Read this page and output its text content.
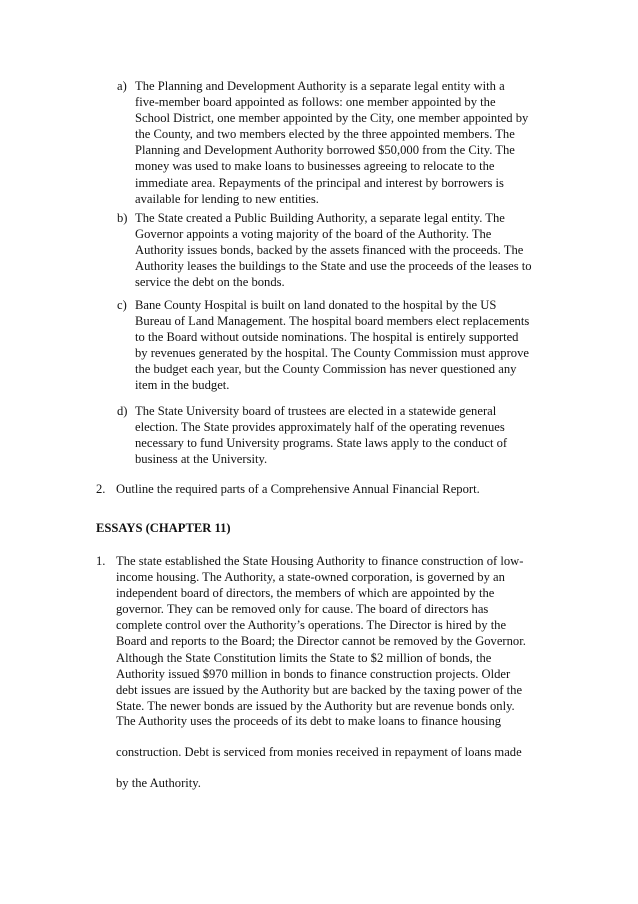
a) The Planning and Development Authority is a separate legal entity with a
five-member board appointed as follows: one member appointed by the
School District, one member appointed by the City, one member appointed by
the County, and two members elected by the three appointed members. The
Planning and Development Authority borrowed $50,000 from the City. The
money was used to make loans to businesses agreeing to relocate to the
immediate area. Repayments of the principal and interest by borrowers is
available for lending to new entities.
b) The State created a Public Building Authority, a separate legal entity. The
Governor appoints a voting majority of the board of the Authority. The
Authority issues bonds, backed by the assets financed with the proceeds. The
Authority leases the buildings to the State and use the proceeds of the leases to
service the debt on the bonds.
c) Bane County Hospital is built on land donated to the hospital by the US
Bureau of Land Management. The hospital board members elect replacements
to the Board without outside nominations. The hospital is entirely supported
by revenues generated by the hospital. The County Commission must approve
the budget each year, but the County Commission has never questioned any
item in the budget.
d) The State University board of trustees are elected in a statewide general
election. The State provides approximately half of the operating revenues
necessary to fund University programs. State laws apply to the conduct of
business at the University.
2. Outline the required parts of a Comprehensive Annual Financial Report.
ESSAYS (CHAPTER 11)
1. The state established the State Housing Authority to finance construction of low-
income housing. The Authority, a state-owned corporation, is governed by an
independent board of directors, the members of which are appointed by the
governor. They can be removed only for cause. The board of directors has
complete control over the Authority’s operations. The Director is hired by the
Board and reports to the Board; the Director cannot be removed by the Governor.
Although the State Constitution limits the State to $2 million of bonds, the
Authority issued $970 million in bonds to finance construction projects. Older
debt issues are issued by the Authority but are backed by the taxing power of the
State. The newer bonds are issued by the Authority but are revenue bonds only.
The Authority uses the proceeds of its debt to make loans to finance housing
construction. Debt is serviced from monies received in repayment of loans made
by the Authority.
